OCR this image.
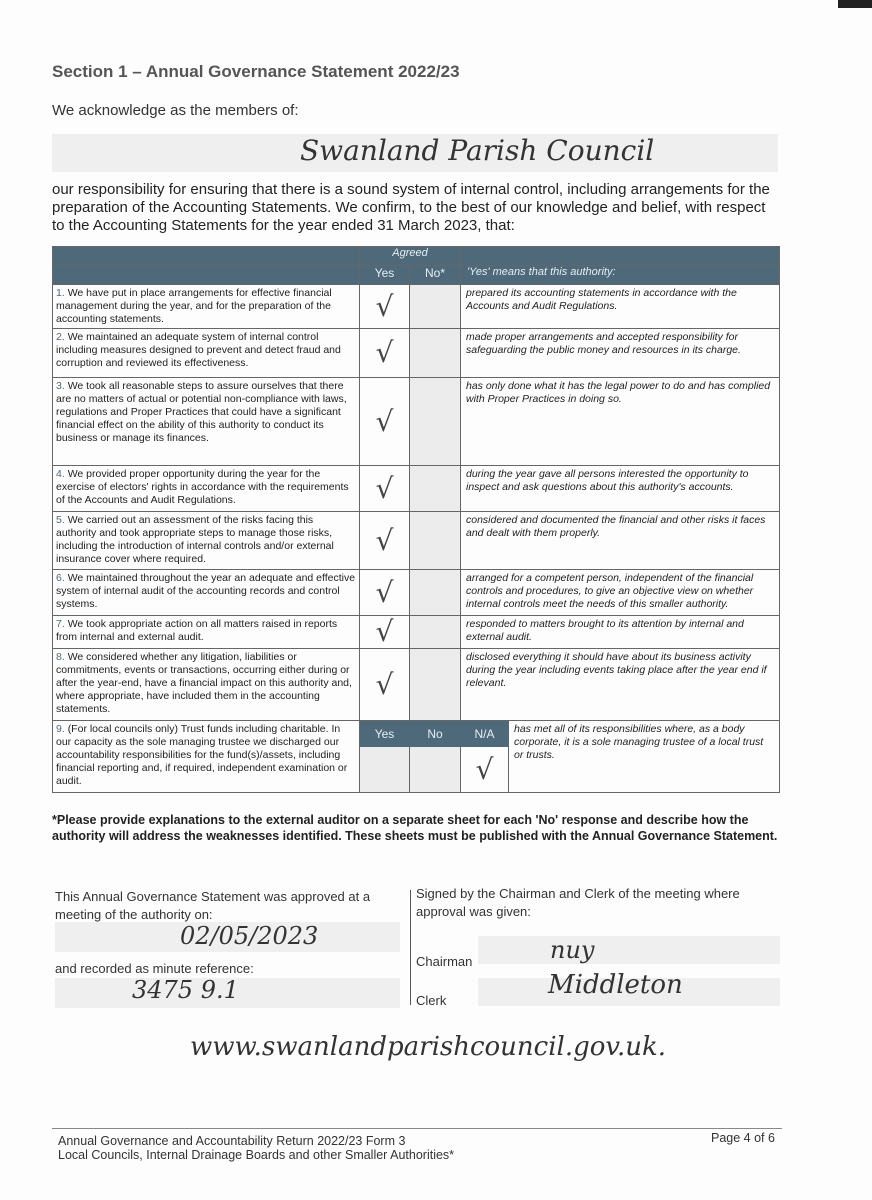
Section 1 – Annual Governance Statement 2022/23
We acknowledge as the members of:
Swanland Parish Council
our responsibility for ensuring that there is a sound system of internal control, including arrangements for the preparation of the Accounting Statements. We confirm, to the best of our knowledge and belief, with respect to the Accounting Statements for the year ended 31 March 2023, that:
	Agreed			
	Yes	No*	'Yes' means that this authority:	
1. We have put in place arrangements for effective financial management during the year, and for the preparation of the accounting statements.	√		prepared its accounting statements in accordance with the Accounts and Audit Regulations.	
2. We maintained an adequate system of internal control including measures designed to prevent and detect fraud and corruption and reviewed its effectiveness.	√		made proper arrangements and accepted responsibility for safeguarding the public money and resources in its charge.	
3. We took all reasonable steps to assure ourselves that there are no matters of actual or potential non-compliance with laws, regulations and Proper Practices that could have a significant financial effect on the ability of this authority to conduct its business or manage its finances.	√		has only done what it has the legal power to do and has complied with Proper Practices in doing so.	
4. We provided proper opportunity during the year for the exercise of electors' rights in accordance with the requirements of the Accounts and Audit Regulations.	√		during the year gave all persons interested the opportunity to inspect and ask questions about this authority's accounts.	
5. We carried out an assessment of the risks facing this authority and took appropriate steps to manage those risks, including the introduction of internal controls and/or external insurance cover where required.	√		considered and documented the financial and other risks it faces and dealt with them properly.	
6. We maintained throughout the year an adequate and effective system of internal audit of the accounting records and control systems.	√		arranged for a competent person, independent of the financial controls and procedures, to give an objective view on whether internal controls meet the needs of this smaller authority.	
7. We took appropriate action on all matters raised in reports from internal and external audit.	√		responded to matters brought to its attention by internal and external audit.	
8. We considered whether any litigation, liabilities or commitments, events or transactions, occurring either during or after the year-end, have a financial impact on this authority and, where appropriate, have included them in the accounting statements.	√		disclosed everything it should have about its business activity during the year including events taking place after the year end if relevant.	
9. (For local councils only) Trust funds including charitable. In our capacity as the sole managing trustee we discharged our accountability responsibilities for the fund(s)/assets, including financial reporting and, if required, independent examination or audit.	Yes	No	N/A	has met all of its responsibilities where, as a body corporate, it is a sole managing trustee of a local trust or trusts.
			√	
*Please provide explanations to the external auditor on a separate sheet for each 'No' response and describe how the authority will address the weaknesses identified. These sheets must be published with the Annual Governance Statement.
This Annual Governance Statement was approved at a meeting of the authority on:
02/05/2023
and recorded as minute reference:
3475 9.1
Signed by the Chairman and Clerk of the meeting where approval was given:
Chairman	nuy
Clerk
Middleton
www.swanlandparishcouncil.gov.uk.
Annual Governance and Accountability Return 2022/23 Form 3
Local Councils, Internal Drainage Boards and other Smaller Authorities*
Page 4 of 6
